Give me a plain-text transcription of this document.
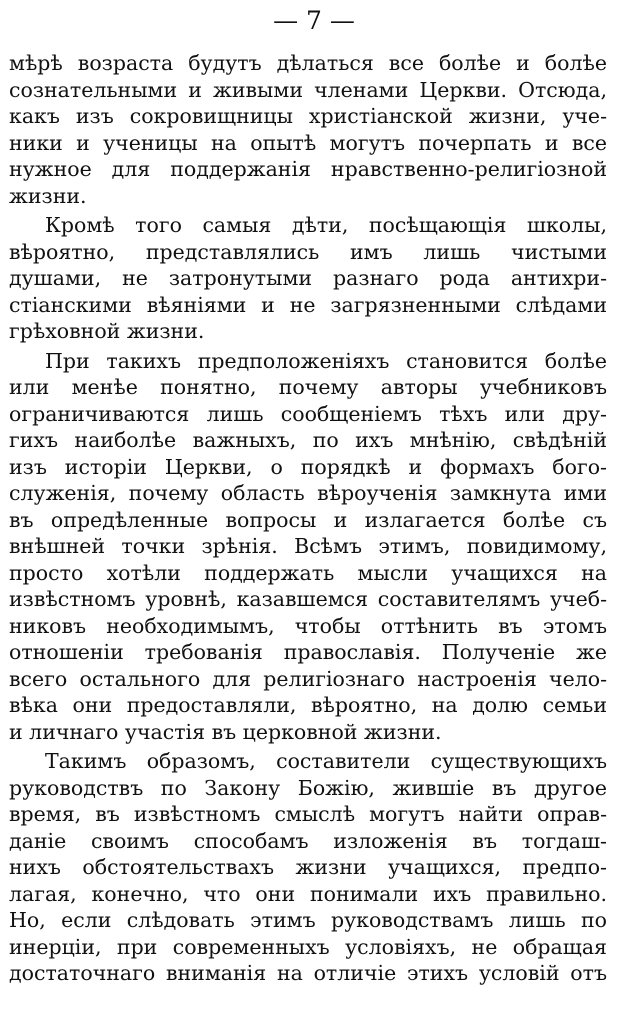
— 7 —
мѣрѣ возраста будутъ дѣлаться все болѣе и болѣе
сознательными и живыми членами Церкви. Отсюда,
какъ изъ сокровищницы христіанской жизни, уче-
ники и ученицы на опытѣ могутъ почерпать и все
нужное для поддержанія нравственно-религіозной
жизни.
Кромѣ того самыя дѣти, посѣщающія школы,
вѣроятно, представлялись имъ лишь чистыми
душами, не затронутыми разнаго рода антихри-
стіанскими вѣяніями и не загрязненными слѣдами
грѣховной жизни.
При такихъ предположеніяхъ становится болѣе
или менѣе понятно, почему авторы учебниковъ
ограничиваются лишь сообщеніемъ тѣхъ или дру-
гихъ наиболѣе важныхъ, по ихъ мнѣнію, свѣдѣній
изъ исторіи Церкви, о порядкѣ и формахъ бого-
служенія, почему область вѣроученія замкнута ими
въ опредѣленные вопросы и излагается болѣе съ
внѣшней точки зрѣнія. Всѣмъ этимъ, повидимому,
просто хотѣли поддержать мысли учащихся на
извѣстномъ уровнѣ, казавшемся составителямъ учеб-
никовъ необходимымъ, чтобы оттѣнить въ этомъ
отношеніи требованія православія. Полученіе же
всего остального для религіознаго настроенія чело-
вѣка они предоставляли, вѣроятно, на долю семьи
и личнаго участія въ церковной жизни.
Такимъ образомъ, составители существующихъ
руководствъ по Закону Божію, жившіе въ другое
время, въ извѣстномъ смыслѣ могутъ найти оправ-
даніе своимъ способамъ изложенія въ тогдаш-
нихъ обстоятельствахъ жизни учащихся, предпо-
лагая, конечно, что они понимали ихъ правильно.
Но, если слѣдовать этимъ руководствамъ лишь по
инерціи, при современныхъ условіяхъ, не обращая
достаточнаго вниманія на отличіе этихъ условій отъ
